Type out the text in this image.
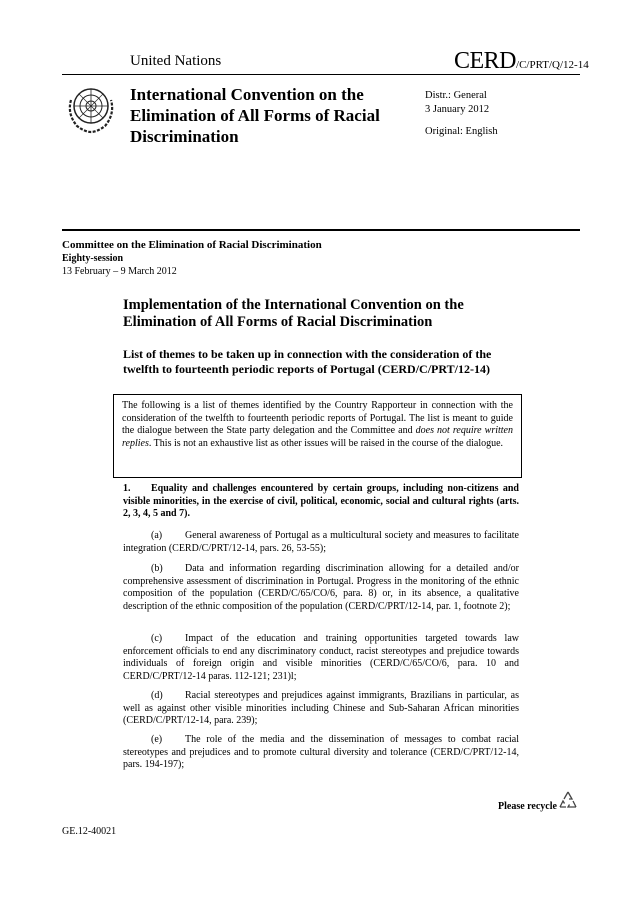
United Nations	CERD/C/PRT/Q/12-14
International Convention on the Elimination of All Forms of Racial Discrimination
Distr.: General
3 January 2012
Original: English
Committee on the Elimination of Racial Discrimination
Eighty-session
13 February – 9 March 2012
Implementation of the International Convention on the Elimination of All Forms of Racial Discrimination
List of themes to be taken up in connection with the consideration of the twelfth to fourteenth periodic reports of Portugal (CERD/C/PRT/12-14)
The following is a list of themes identified by the Country Rapporteur in connection with the consideration of the twelfth to fourteenth periodic reports of Portugal. The list is meant to guide the dialogue between the State party delegation and the Committee and does not require written replies. This is not an exhaustive list as other issues will be raised in the course of the dialogue.
1. Equality and challenges encountered by certain groups, including non-citizens and visible minorities, in the exercise of civil, political, economic, social and cultural rights (arts. 2, 3, 4, 5 and 7).
(a) General awareness of Portugal as a multicultural society and measures to facilitate integration (CERD/C/PRT/12-14, pars. 26, 53-55);
(b) Data and information regarding discrimination allowing for a detailed and/or comprehensive assessment of discrimination in Portugal. Progress in the monitoring of the ethnic composition of the population (CERD/C/65/CO/6, para. 8) or, in its absence, a qualitative description of the ethnic composition of the population (CERD/C/PRT/12-14, par. 1, footnote 2);
(c) Impact of the education and training opportunities targeted towards law enforcement officials to end any discriminatory conduct, racist stereotypes and prejudice towards individuals of foreign origin and visible minorities (CERD/C/65/CO/6, para. 10 and CERD/C/PRT/12-14 paras. 112-121; 231)l;
(d) Racial stereotypes and prejudices against immigrants, Brazilians in particular, as well as against other visible minorities including Chinese and Sub-Saharan African minorities (CERD/C/PRT/12-14, para. 239);
(e) The role of the media and the dissemination of messages to combat racial stereotypes and prejudices and to promote cultural diversity and tolerance (CERD/C/PRT/12-14, pars. 194-197);
GE.12-40021
Please recycle
